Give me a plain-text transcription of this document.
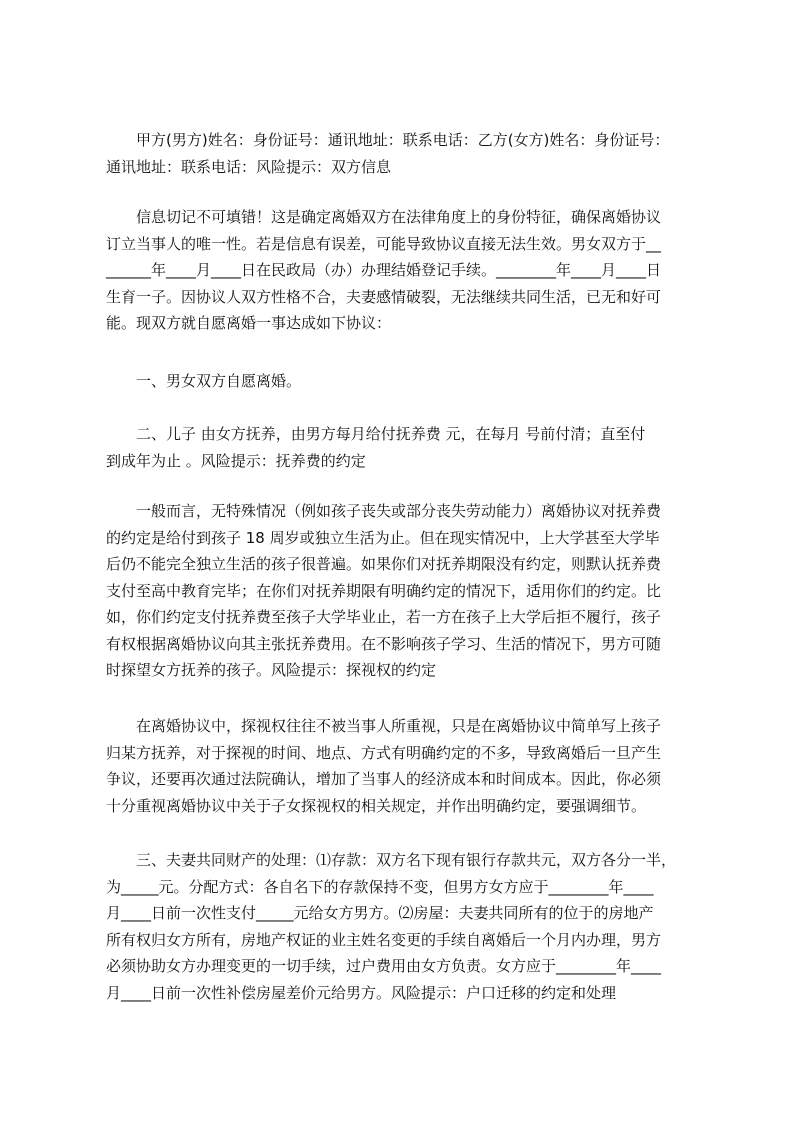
甲方(男方)姓名：身份证号：通讯地址：联系电话：乙方(女方)姓名：身份证号：
通讯地址：联系电话：风险提示：双方信息

信息切记不可填错！这是确定离婚双方在法律角度上的身份特征，确保离婚协议
订立当事人的唯一性。若是信息有误差，可能导致协议直接无法生效。男女双方于__
______年____月____日在民政局（办）办理结婚登记手续。________年____月____日
生育一子。因协议人双方性格不合，夫妻感情破裂，无法继续共同生活，已无和好可
能。现双方就自愿离婚一事达成如下协议：

一、男女双方自愿离婚。

二、儿子 由女方抚养，由男方每月给付抚养费 元，在每月 号前付清；直至付
到成年为止 。风险提示：抚养费的约定

一般而言，无特殊情况（例如孩子丧失或部分丧失劳动能力）离婚协议对抚养费
的约定是给付到孩子 18 周岁或独立生活为止。但在现实情况中，上大学甚至大学毕
后仍不能完全独立生活的孩子很普遍。如果你们对抚养期限没有约定，则默认抚养费
支付至高中教育完毕；在你们对抚养期限有明确约定的情况下，适用你们的约定。比
如，你们约定支付抚养费至孩子大学毕业止，若一方在孩子上大学后拒不履行，孩子
有权根据离婚协议向其主张抚养费用。在不影响孩子学习、生活的情况下，男方可随
时探望女方抚养的孩子。风险提示：探视权的约定

在离婚协议中，探视权往往不被当事人所重视，只是在离婚协议中简单写上孩子
归某方抚养，对于探视的时间、地点、方式有明确约定的不多，导致离婚后一旦产生
争议，还要再次通过法院确认，增加了当事人的经济成本和时间成本。因此，你必须
十分重视离婚协议中关于子女探视权的相关规定，并作出明确约定，要强调细节。

三、夫妻共同财产的处理：⑴存款：双方名下现有银行存款共元，双方各分一半，
为_____元。分配方式：各自名下的存款保持不变，但男方女方应于________年____
月____日前一次性支付_____元给女方男方。⑵房屋：夫妻共同所有的位于的房地产
所有权归女方所有，房地产权证的业主姓名变更的手续自离婚后一个月内办理，男方
必须协助女方办理变更的一切手续，过户费用由女方负责。女方应于________年____
月____日前一次性补偿房屋差价元给男方。风险提示：户口迁移的约定和处理
